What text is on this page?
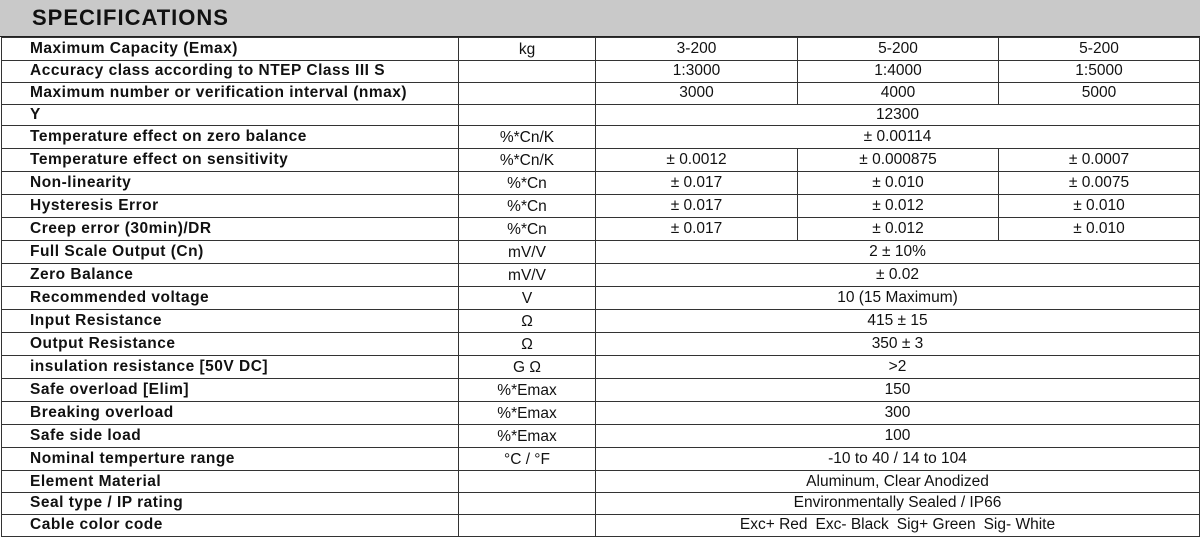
SPECIFICATIONS
Maximum Capacity (Emax)	kg	3-200	5-200	5-200
Accuracy class according to NTEP Class III S		1:3000	1:4000	1:5000
Maximum number or verification interval (nmax)		3000	4000	5000
Y		12300		
Temperature effect on zero balance	%*Cn/K	± 0.00114		
Temperature effect on sensitivity	%*Cn/K	± 0.0012	± 0.000875	± 0.0007
Non-linearity	%*Cn	± 0.017	± 0.010	± 0.0075
Hysteresis Error	%*Cn	± 0.017	± 0.012	± 0.010
Creep error (30min)/DR	%*Cn	± 0.017	± 0.012	± 0.010
Full Scale Output (Cn)	mV/V	2 ± 10%		
Zero Balance	mV/V	± 0.02		
Recommended voltage	V	10 (15 Maximum)		
Input Resistance	Ω	415 ± 15		
Output Resistance	Ω	350 ± 3		
insulation resistance [50V DC]	G Ω	>2		
Safe overload [Elim]	%*Emax	150		
Breaking overload	%*Emax	300		
Safe side load	%*Emax	100		
Nominal temperture range	°C / °F	-10 to 40 / 14 to 104		
Element Material		Aluminum, Clear Anodized		
Seal type / IP rating		Environmentally Sealed / IP66		
Cable color code		Exc+ Red Exc- Black Sig+ Green Sig- White		
